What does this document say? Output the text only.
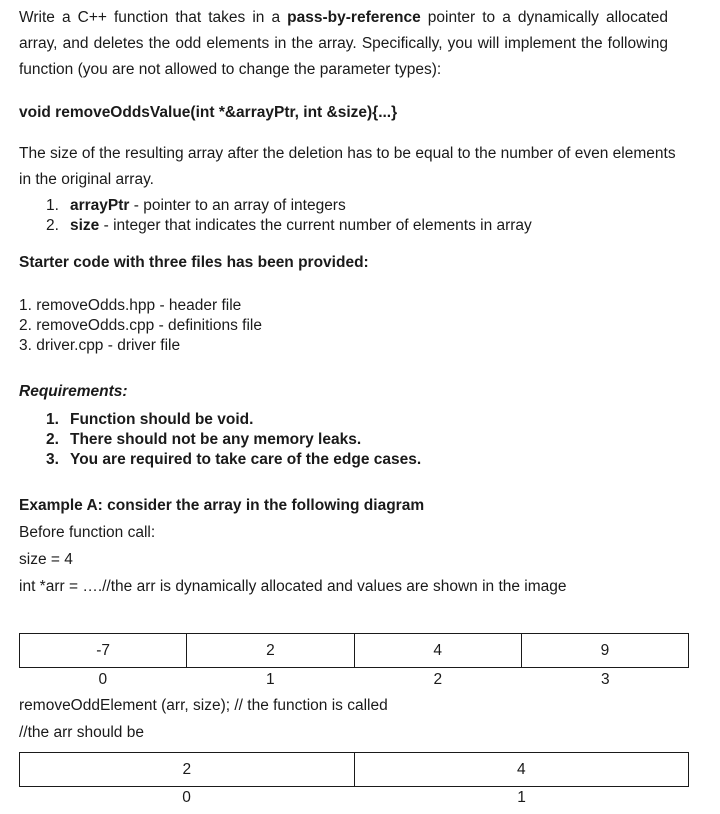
Write a C++ function that takes in a pass-by-reference pointer to a dynamically allocated array, and deletes the odd elements in the array. Specifically, you will implement the following function (you are not allowed to change the parameter types):
void removeOddsValue(int *&arrayPtr, int &size){...}
The size of the resulting array after the deletion has to be equal to the number of even elements in the original array.
1. arrayPtr - pointer to an array of integers
2. size - integer that indicates the current number of elements in array
Starter code with three files has been provided:
1. removeOdds.hpp - header file
2. removeOdds.cpp - definitions file
3. driver.cpp - driver file
Requirements:
1. Function should be void.
2. There should not be any memory leaks.
3. You are required to take care of the edge cases.
Example A: consider the array in the following diagram
Before function call:
size = 4
int *arr = ….//the arr is dynamically allocated and values are shown in the image
-7	2	4	9
0	1	2	3
removeOddElement (arr, size); // the function is called
//the arr should be
2	4
0	1
